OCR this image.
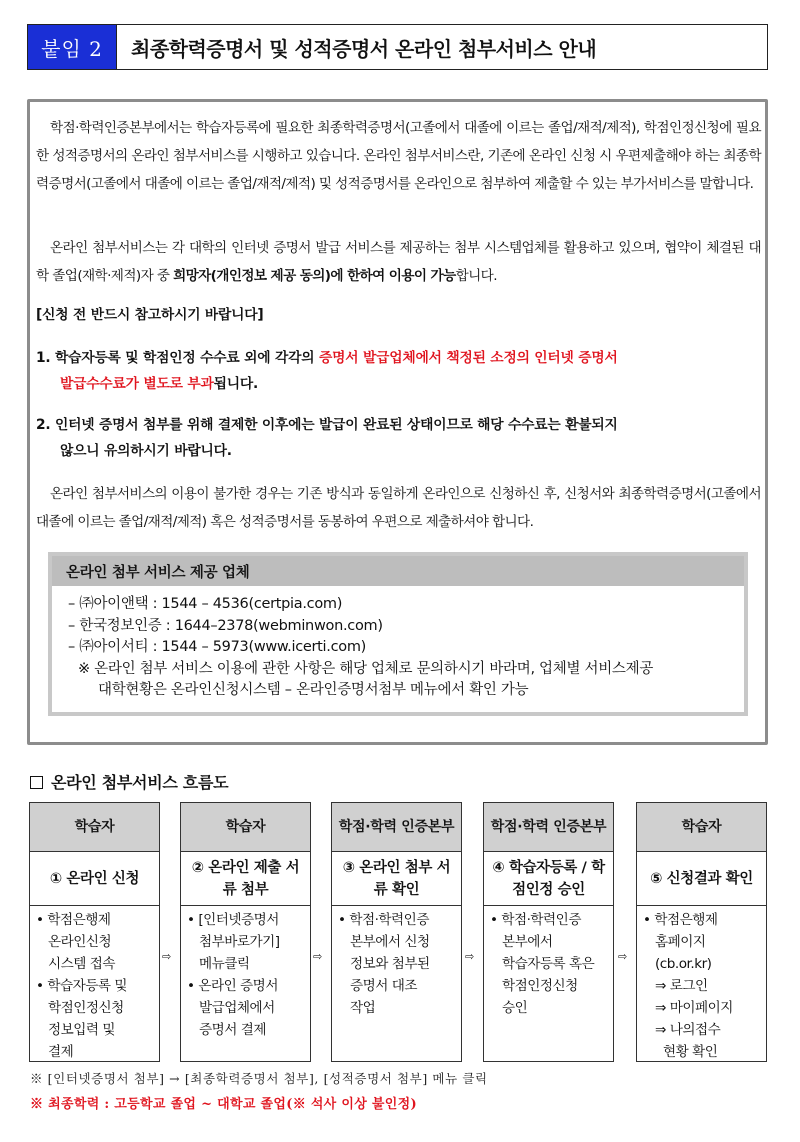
붙임 2	최종학력증명서 및 성적증명서 온라인 첨부서비스 안내

학점·학력인증본부에서는 학습자등록에 필요한 최종학력증명서(고졸에서 대졸에 이르는 졸업/재적/제적), 학점인정신청에 필요한 성적증명서의 온라인 첨부서비스를 시행하고 있습니다. 온라인 첨부서비스란, 기존에 온라인 신청 시 우편제출해야 하는 최종학력증명서(고졸에서 대졸에 이르는 졸업/재적/제적) 및 성적증명서를 온라인으로 첨부하여 제출할 수 있는 부가서비스를 말합니다.

온라인 첨부서비스는 각 대학의 인터넷 증명서 발급 서비스를 제공하는 첨부 시스템업체를 활용하고 있으며, 협약이 체결된 대학 졸업(재학·제적)자 중 희망자(개인정보 제공 동의)에 한하여 이용이 가능합니다.

[신청 전 반드시 참고하시기 바랍니다]

1. 학습자등록 및 학점인정 수수료 외에 각각의 증명서 발급업체에서 책정된 소정의 인터넷 증명서
발급수수료가 별도로 부과됩니다.

2. 인터넷 증명서 첨부를 위해 결제한 이후에는 발급이 완료된 상태이므로 해당 수수료는 환불되지
않으니 유의하시기 바랍니다.

온라인 첨부서비스의 이용이 불가한 경우는 기존 방식과 동일하게 온라인으로 신청하신 후, 신청서와 최종학력증명서(고졸에서 대졸에 이르는 졸업/재적/제적) 혹은 성적증명서를 동봉하여 우편으로 제출하셔야 합니다.

온라인 첨부 서비스 제공 업체
– ㈜아이앤택 : 1544 – 4536(certpia.com)
– 한국정보인증 : 1644–2378(webminwon.com)
– ㈜아이서티 : 1544 – 5973(www.icerti.com)
※ 온라인 첨부 서비스 이용에 관한 사항은 해당 업체로 문의하시기 바라며, 업체별 서비스제공
대학현황은 온라인신청시스템 – 온라인증명서첨부 메뉴에서 확인 가능
온라인 첨부서비스 흐름도
학습자
① 온라인 신청
• 학점은행제
온라인신청
시스템 접속
• 학습자등록 및
학점인정신청
정보입력 및
결제
⇨
학습자
② 온라인 제출 서류 첨부
• [인터넷증명서
첨부바로가기]
메뉴클릭
• 온라인 증명서
발급업체에서
증명서 결제
⇨
학점·학력 인증본부
③ 온라인 첨부 서류 확인
• 학점·학력인증
본부에서 신청
정보와 첨부된
증명서 대조
작업
⇨
학점·학력 인증본부
④ 학습자등록 / 학점인정 승인
• 학점·학력인증
본부에서
학습자등록 혹은
학점인정신청
승인
⇨
학습자
⑤ 신청결과 확인
• 학점은행제
홈페이지
(cb.or.kr)
⇒ 로그인
⇒ 마이페이지
⇒ 나의접수
현황 확인
※ [인터넷증명서 첨부] → [최종학력증명서 첨부], [성적증명서 첨부] 메뉴 클릭
※ 최종학력 : 고등학교 졸업 ~ 대학교 졸업(※ 석사 이상 불인정)
